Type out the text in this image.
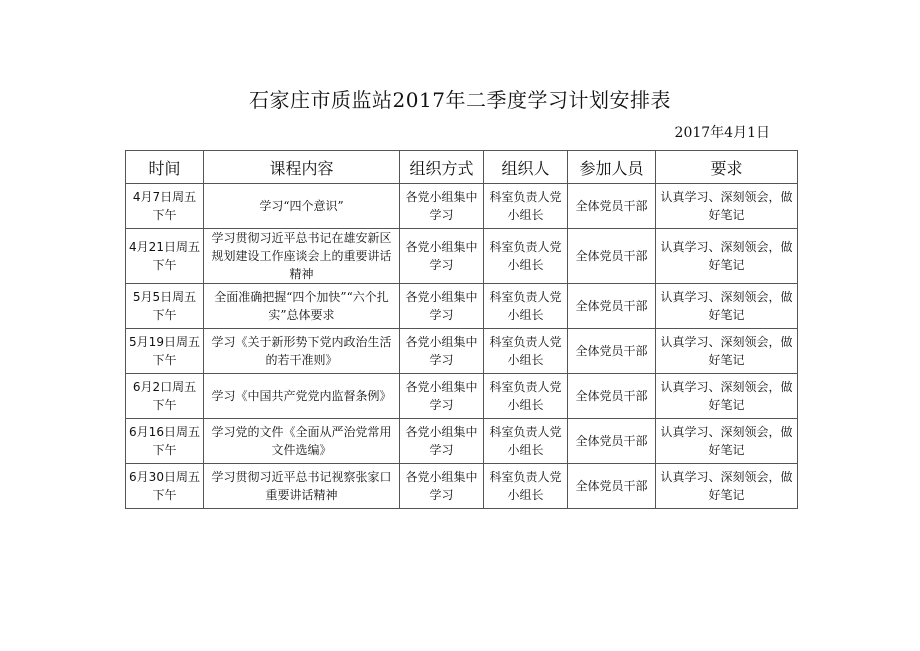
石家庄市质监站2017年二季度学习计划安排表
2017年4月1日
时间	课程内容	组织方式	组织人	参加人员	要求
4月7日周五下午	学习“四个意识”	各党小组集中学习	科室负责人党小组长	全体党员干部	认真学习、深刻领会，做好笔记
4月21日周五下午	学习贯彻习近平总书记在雄安新区规划建设工作座谈会上的重要讲话精神	各党小组集中学习	科室负责人党小组长	全体党员干部	认真学习、深刻领会，做好笔记
5月5日周五下午	全面准确把握“四个加快”“六个扎实”总体要求	各党小组集中学习	科室负责人党小组长	全体党员干部	认真学习、深刻领会，做好笔记
5月19日周五下午	学习《关于新形势下党内政治生活的若干准则》	各党小组集中学习	科室负责人党小组长	全体党员干部	认真学习、深刻领会，做好笔记
6月2口周五下午	学习《中国共产党党内监督条例》	各党小组集中学习	科室负责人党小组长	全体党员干部	认真学习、深刻领会，做好笔记
6月16日周五下午	学习党的文件《全面从严治党常用文件选编》	各党小组集中学习	科室负责人党小组长	全体党员干部	认真学习、深刻领会，做好笔记
6月30日周五下午	学习贯彻习近平总书记视察张家口重要讲话精神	各党小组集中学习	科室负责人党小组长	全体党员干部	认真学习、深刻领会，做好笔记
